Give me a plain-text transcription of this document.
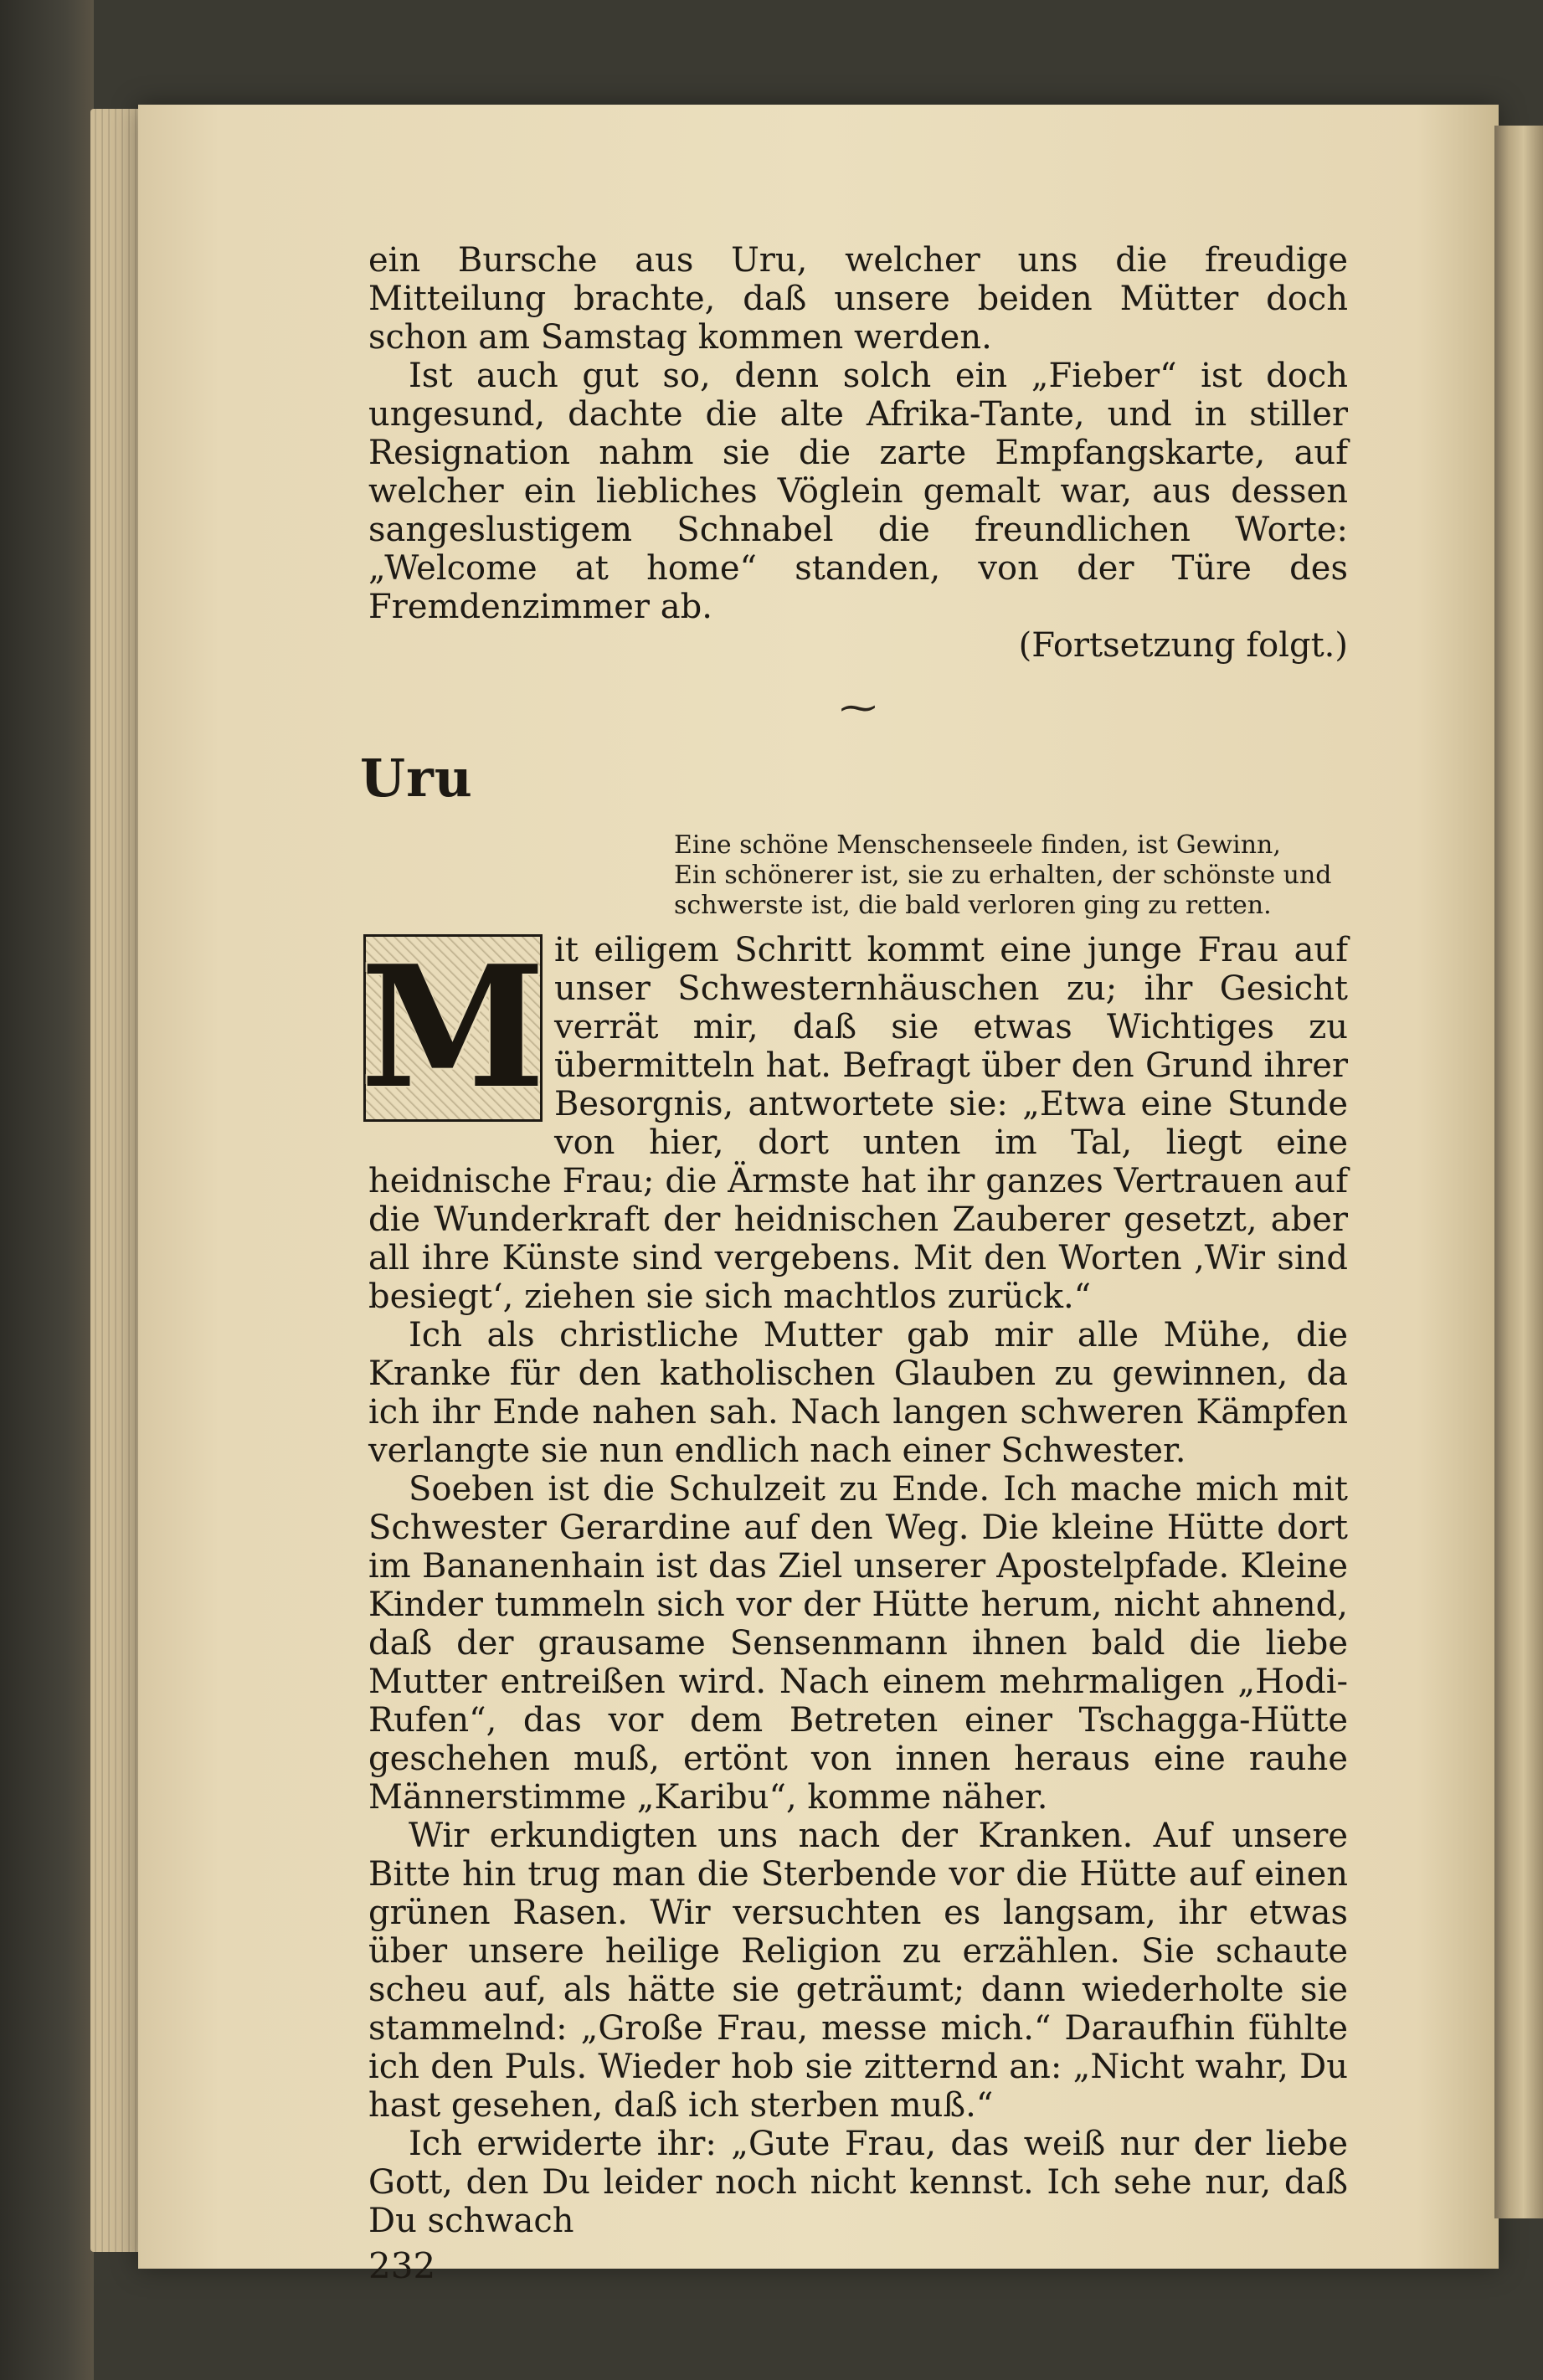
ein Bursche aus Uru, welcher uns die freudige Mitteilung brachte, daß unsere beiden Mütter doch schon am Samstag kommen werden.

Ist auch gut so, denn solch ein „Fieber“ ist doch ungesund, dachte die alte Afrika-Tante, und in stiller Resignation nahm sie die zarte Empfangskarte, auf welcher ein liebliches Vöglein gemalt war, aus dessen sangeslustigem Schnabel die freundlichen Worte: „Welcome at home“ standen, von der Türe des Fremdenzimmer ab.

(Fortsetzung folgt.)
⁓
Uru
Eine schöne Menschenseele finden, ist Gewinn,
Ein schönerer ist, sie zu erhalten, der schönste und
schwerste ist, die bald verloren ging zu retten.
M it eiligem Schritt kommt eine junge Frau auf unser Schwesternhäuschen zu; ihr Gesicht verrät mir, daß sie etwas Wichtiges zu übermitteln hat. Befragt über den Grund ihrer Besorgnis, antwortete sie: „Etwa eine Stunde von hier, dort unten im Tal, liegt eine heidnische Frau; die Ärmste hat ihr ganzes Vertrauen auf die Wunderkraft der heidnischen Zauberer gesetzt, aber all ihre Künste sind vergebens. Mit den Worten ‚Wir sind besiegt‘, ziehen sie sich machtlos zurück.“

Ich als christliche Mutter gab mir alle Mühe, die Kranke für den katholischen Glauben zu gewinnen, da ich ihr Ende nahen sah. Nach langen schweren Kämpfen verlangte sie nun endlich nach einer Schwester.

Soeben ist die Schulzeit zu Ende. Ich mache mich mit Schwester Gerardine auf den Weg. Die kleine Hütte dort im Bananenhain ist das Ziel unserer Apostelpfade. Kleine Kinder tummeln sich vor der Hütte herum, nicht ahnend, daß der grausame Sensenmann ihnen bald die liebe Mutter entreißen wird. Nach einem mehrmaligen „Hodi-Rufen“, das vor dem Betreten einer Tschagga-Hütte geschehen muß, ertönt von innen heraus eine rauhe Männerstimme „Karibu“, komme näher.

Wir erkundigten uns nach der Kranken. Auf unsere Bitte hin trug man die Sterbende vor die Hütte auf einen grünen Rasen. Wir versuchten es langsam, ihr etwas über unsere heilige Religion zu erzählen. Sie schaute scheu auf, als hätte sie geträumt; dann wiederholte sie stammelnd: „Große Frau, messe mich.“ Daraufhin fühlte ich den Puls. Wieder hob sie zitternd an: „Nicht wahr, Du hast gesehen, daß ich sterben muß.“

Ich erwiderte ihr: „Gute Frau, das weiß nur der liebe Gott, den Du leider noch nicht kennst. Ich sehe nur, daß Du schwach

232
